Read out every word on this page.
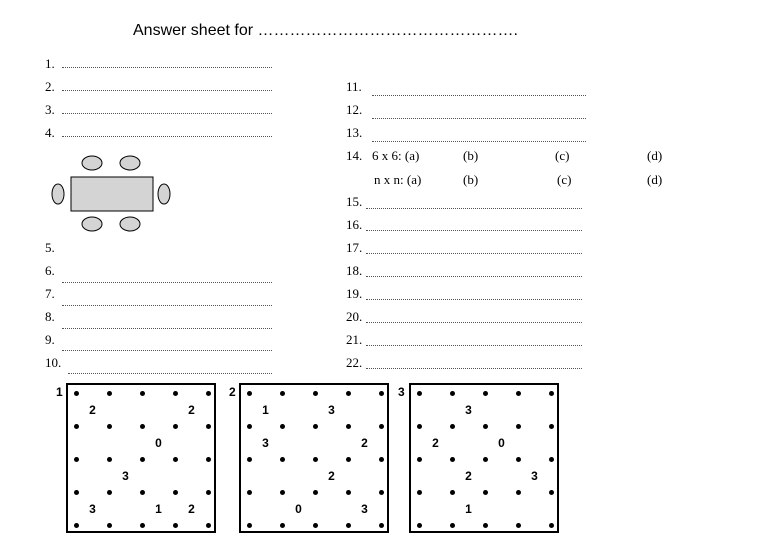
Answer sheet for ………………………………………….
1.
2.
3.
4.
5.
6.
7.
8.
9.
10.
11.
12.
13.
14. 6 x 6: (a)	(b)	(c)	(d)
n x n: (a)	(b)	(c)	(d)
15.
16.
17.
18.
19.
20.
21.
22.
1
2	2
0
3
3	1	2
2
1	3
3	2
2
0	3
3
3
2	0
2	3
1
